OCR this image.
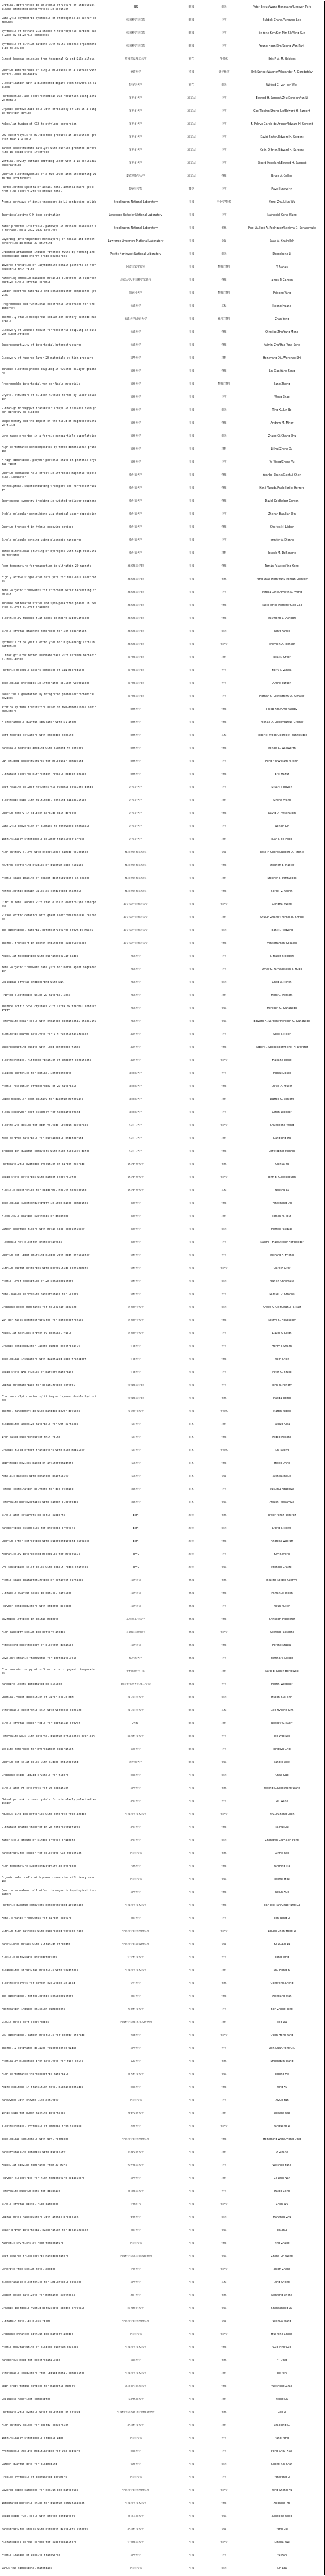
Critical differences in 3D atomic structure of individual ligand-protected nanocrystals in solution	IBS	韩国	纳米	Peter Ercius/Wang Hongyang/Jungwon Park

Catalytic asymmetric synthesis of stereogenic-at-sulfur compounds	韩国科学技术院	韩国	化学	Sukbok Chang/Yungwoo Lee

Synthesis of methane via stable N-heterocyclic carbene catalyzed by silver(I) complexes	韩国科学技术院	韩国	化学	Jin Yong Kim/Kim Min-Sik/Yong Sun

Synthesis of lithium cations with multi-anionic organometallic molecules	韩国科学技术院	韩国	化学	Young-Hoon Kim/Seung-Won Park

Direct-bandgap emission from hexagonal Ge and SiGe alloys	埃因霍温理工大学	荷兰	半导体	Erik P. A. M. Bakkers

Quantum interference of single molecules on a surface with controllable chirality	伦敦大学	英国	量子化学	Erik Scheer/Wagner/Alexander A. Gorodetsky

Classification with a disordered dopant-atom network in silicon	特文特大学	荷兰	纳米	Wilfred G. van der Wiel

Photochemical and electrochemical CO2 reduction using active metals	多伦多大学	加拿大	化学	Edward H. Sargent/Zhu Dongjun/Jun Li

Organic photovoltaic cell with efficiency of 18% in a single junction device	多伦多大学	加拿大	化学	Cao Tiebing/Sheng Jun/Edward H. Sargent

Molecular tuning of CO2-to-ethylene conversion	多伦多大学	加拿大	化学	F. Pelayo García de Arquer/Edward H. Sargent

CO2 electrolysis to multicarbon products at activities greater than 1 A cm-2	多伦多大学	加拿大	化学	David Sinton/Edward H. Sargent

Tandem nanostructure catalyst with sulfide-promoted perovskite in solid-state interface	多伦多大学	加拿大	化学	Colin O'Brien/Edward H. Sargent

Vertical-cavity surface-emitting laser with a 1D colloidal superlattice	多伦多大学	加拿大	化学	Sjoerd Hoogland/Edward H. Sargent

Quantum electrodynamics of a two-level atom interacting with the environment	麦克马斯特大学	加拿大	物理	Bruce A. Collins

Photoelectron spectra of alkali metal-ammonia micro-jets: From blue electrolyte to bronze metal	捷克科学院	捷克	化学	Pavel Jungwirth

Atomic pathways of ionic transport in Li-conducting solids	Brookhaven National Laboratory	美国	电化学/能源	Yimei Zhu/Lijun Wu

Enantioselective C–H bond activation	Lawrence Berkeley National Laboratory	美国	化学	Nathaniel Gene Wang

Water-promoted interfacial pathways in methane oxidation to methanol on a CeO2-Cu2O catalyst	Brookhaven National Laboratory	美国	催化	Ping Liu/José A. Rodriguez/Sanjaya D. Senanayake

Layering (interdependent monolayers) of mosaic and defect generation in metal 2D printing	Lawrence Livermore National Laboratory	美国	金属	Saad A. Khairallah

Oriented attachment induces fivefold twins by forming and decomposing high-energy grain boundaries	Pacific Northwest National Laboratory	美国	纳米	Dongsheng Li

Inverse transition of labyrinthine domain patterns in ferroelectric thin films	阿贡国家实验室	美国	物理/材料	Y. Nahas

Hardening ammonium-balanced metallic electrons in superconductive single-crystal ceramic	北京大学/美国科学家联合	美国	物理	James P. Cahoon

Cation-electron materials and semiconductor composites (review)	伯克利大学	美国	物理/材料	Peidong Yang

Programmable and functional electronic interfaces for the internet	长江大学	美国	工程	Jixiong Huang

Thermally stable mesoporous sodium-ion battery cathode materials	长江大学/北京大学	美国	化学/材料	Zhan Yang

Discovery of unusual robust ferroelectric coupling in bilayer superlattices	长江大学	美国	物理	Qingjiao Zhu/Yang Meng

Superconductivity at interfacial heterostructures	长江大学	美国	物理	Kaimin Zhu/Hao Yang Song

Discovery of hundred-layer 2D materials at high pressure	清华大学	美国	材料	Hongyang Qiu/Wenchao Shi

Tunable electron-phonon coupling in twisted bilayer graphene	加州大学	美国	物理	Lin Xiao/Yang Song

Programmable interfacial van der Waals materials	加州大学	美国	物理/材料	Jiang Zheng

Crystal structure of silicon nitride formed by laser ablation	加州大学	美国	化学	Wang Zhao

Ultrahigh-throughput transistor arrays in flexible film grown directly on silicon	加州大学	美国	纳米	Ting Xu/Lin Bo

Shape memory and the impact on the field of magnetostrictive fluid	加州大学	美国	物理	Andrew M. Minor

Long-range ordering in a ferroic nanoparticle superlattice	加州大学	美国	纳米	Zhang Qi/Chang Shu

High-performance nanocomposites by three-dimensional printing	加州大学	美国	材料	Li Hui/Zheng Xu

A high-dimensional polymer photonic state in photonic crystal fiber	加州大学	美国	化学	Ye Wang/Cheng Yu

Quantum anomalous Hall effect in intrinsic magnetic topological insulator	斯坦福大学	美国	物理	Yuanbo Zhang/Xianhui Chen

Nonreciprocal superconducting transport and ferroelectricity	斯坦福大学	美国	物理	Kenji Yasuda/Pablo Jarillo-Herrero

Spontaneous symmetry breaking in twisted trilayer graphene	斯坦福大学	美国	物理	David Goldhaber-Gordon

Stable molecular nanoribbons via chemical vapor deposition	斯坦福大学	美国	化学	Zhenan Bao/Jian Qin

Quantum transport in hybrid nanowire devices	斯坦福大学	美国	物理	Charles M. Lieber

Single-molecule sensing using plasmonic nanopores	斯坦福大学	美国	化学	Jennifer A. Dionne

Three-dimensional printing of hydrogels with high-resolution features	斯坦福大学	美国	材料	Joseph M. DeSimone

Room-temperature ferromagnetism in ultrathin 2D magnets	麻省理工学院	美国	物理	Tomás Palacios/Jing Kong

Highly active single-atom catalysts for fuel-cell electrodes	麻省理工学院	美国	催化	Yang Shao-Horn/Yuriy Román-Leshkov

Metal–organic frameworks for efficient water harvesting from air	麻省理工学院	美国	化学	Mircea Dincă/Evelyn N. Wang

Tunable correlated states and spin-polarized phases in twisted bilayer-bilayer graphene	麻省理工学院	美国	物理	Pablo Jarillo-Herrero/Yuan Cao

Electrically tunable flat bands in moiré superlattices	麻省理工学院	美国	物理	Raymond C. Ashoori

Single-crystal graphene membranes for ion separation	麻省理工学院	美国	纳米	Rohit Karnik

Synthesis of polymer electrolytes for high-energy lithium batteries	麻省理工学院	美国	电化学	Jeremiah A. Johnson

Ultralight architected nanomaterials with extreme mechanical resilience	加州理工学院	美国	材料	Julia R. Greer

Photonic molecule lasers composed of GaN microdisks	加州理工学院	美国	光学	Kerry J. Vahala

Topological photonics in integrated silicon waveguides	加州理工学院	美国	光学	Andrei Faraon

Solar fuels generation by integrated photoelectrochemical devices	加州理工学院	美国	化学	Nathan S. Lewis/Harry A. Atwater

Atomically thin transistors based on two-dimensional semiconductors	哈佛大学	美国	物理	Philip Kim/Amir Yacoby

A programmable quantum simulator with 51 atoms	哈佛大学	美国	物理	Mikhail D. Lukin/Markus Greiner

Soft robotic actuators with embedded sensing	哈佛大学	美国	工程	Robert J. Wood/George M. Whitesides

Nanoscale magnetic imaging with diamond NV centers	哈佛大学	美国	物理	Ronald L. Walsworth

DNA origami nanostructures for molecular computing	哈佛大学	美国	化学	Peng Yin/William M. Shih

Ultrafast electron diffraction reveals hidden phases	哈佛大学	美国	物理	Eric Mazur

Self-healing polymer networks via dynamic covalent bonds	芝加哥大学	美国	化学	Stuart J. Rowan

Electronic skin with multimodal sensing capabilities	芝加哥大学	美国	材料	Sihong Wang

Quantum memory in silicon carbide spin defects	芝加哥大学	美国	物理	David D. Awschalom

Catalytic conversion of biomass to renewable chemicals	芝加哥大学	美国	化学	Wenbin Lin

Intrinsically stretchable polymer transistor arrays	芝加哥大学	美国	材料	Juan J. de Pablo

High-entropy alloys with exceptional damage tolerance	橡树岭国家实验室	美国	金属	Easo P. George/Robert O. Ritchie

Neutron scattering studies of quantum spin liquids	橡树岭国家实验室	美国	物理	Stephen E. Nagler

Atomic-scale imaging of dopant distributions in oxides	橡树岭国家实验室	美国	材料	Stephen J. Pennycook

Ferroelectric domain walls as conducting channels	橡树岭国家实验室	美国	物理	Sergei V. Kalinin

Lithium metal anodes with stable solid electrolyte interphase	宾夕法尼亚州立大学	美国	电化学	Donghai Wang

Piezoelectric ceramics with giant electromechanical response	宾夕法尼亚州立大学	美国	材料	Shujun Zhang/Thomas R. Shrout

Two-dimensional material heterostructures grown by MOCVD	宾夕法尼亚州立大学	美国	纳米	Joan M. Redwing

Thermal transport in phonon-engineered superlattices	宾夕法尼亚州立大学	美国	物理	Venkatraman Gopalan

Molecular recognition with supramolecular cages	西北大学	美国	化学	J. Fraser Stoddart

Metal-organic framework catalysts for nerve agent degradation	西北大学	美国	化学	Omar K. Farha/Joseph T. Hupp

Colloidal crystal engineering with DNA	西北大学	美国	纳米	Chad A. Mirkin

Printed electronics using 2D material inks	西北大学	美国	材料	Mark C. Hersam

Thermoelectric SnSe crystals with ultralow thermal conductivity	西北大学	美国	能源	Mercouri G. Kanatzidis

Perovskite solar cells with enhanced operational stability	西北大学	美国	能源	Edward H. Sargent/Mercouri G. Kanatzidis

Biomimetic enzyme catalysts for C–H functionalization	耶鲁大学	美国	化学	Scott J. Miller

Superconducting qubits with long coherence times	耶鲁大学	美国	物理	Robert J. Schoelkopf/Michel H. Devoret

Electrochemical nitrogen fixation at ambient conditions	耶鲁大学	美国	电化学	Hailiang Wang

Silicon photonics for optical interconnects	康奈尔大学	美国	光学	Michal Lipson

Atomic-resolution ptychography of 2D materials	康奈尔大学	美国	物理	David A. Muller

Oxide molecular beam epitaxy for quantum materials	康奈尔大学	美国	材料	Darrell G. Schlom

Block copolymer self-assembly for nanopatterning	康奈尔大学	美国	化学	Ulrich Wiesner

Electrolyte design for high-voltage lithium batteries	马里兰大学	美国	电化学	Chunsheng Wang

Wood-derived materials for sustainable engineering	马里兰大学	美国	材料	Liangbing Hu

Trapped-ion quantum computers with high-fidelity gates	马里兰大学	美国	物理	Christopher Monroe

Photocatalytic hydrogen evolution on carbon nitride	德克萨斯大学	美国	催化	Guihua Yu

Solid-state batteries with garnet electrolytes	德克萨斯大学	美国	电化学	John B. Goodenough

Flexible electronics for epidermal health monitoring	德克萨斯大学	美国	工程	Nanshu Lu

Topological superconductivity in iron-based compounds	莱斯大学	美国	物理	Pengcheng Dai

Flash Joule heating synthesis of graphene	莱斯大学	美国	材料	James M. Tour

Carbon nanotube fibers with metal-like conductivity	莱斯大学	美国	纳米	Matteo Pasquali

Plasmonic hot-electron photocatalysis	莱斯大学	美国	化学	Naomi J. Halas/Peter Nordlander

Quantum dot light-emitting diodes with high efficiency	剑桥大学	英国	光学	Richard H. Friend

Lithium-sulfur batteries with polysulfide confinement	剑桥大学	英国	电化学	Clare P. Grey

Atomic layer deposition of 2D semiconductors	剑桥大学	英国	纳米	Manish Chhowalla

Metal-halide perovskite nanocrystals for lasers	剑桥大学	英国	光学	Samuel D. Stranks

Graphene-based membranes for molecular sieving	曼彻斯特大学	英国	纳米	Andre K. Geim/Rahul R. Nair

Van der Waals heterostructures for optoelectronics	曼彻斯特大学	英国	物理	Kostya S. Novoselov

Molecular machines driven by chemical fuels	曼彻斯特大学	英国	化学	David A. Leigh

Organic semiconductor lasers pumped electrically	牛津大学	英国	光学	Henry J. Snaith

Topological insulators with quantized spin transport	牛津大学	英国	物理	Yulin Chen

Solid-state NMR studies of battery materials	牛津大学	英国	化学	Peter G. Bruce

Chiral metamaterials for polarization control	帝国理工学院	英国	光学	John B. Pendry

Electrocatalytic water splitting on layered double hydroxides	帝国理工学院	英国	催化	Magda Titirici

Thermal management in wide-bandgap power devices	布里斯托大学	英国	半导体	Martin Kuball

Bioinspired adhesive materials for wet surfaces	东京大学	日本	材料	Takuzo Aida

Iron-based superconductor thin films	东京大学	日本	物理	Hideo Hosono

Organic field-effect transistors with high mobility	东京大学	日本	半导体	Jun Takeya

Spintronic devices based on antiferromagnets	东北大学	日本	物理	Hideo Ohno

Metallic glasses with enhanced plasticity	东北大学	日本	金属	Akihisa Inoue

Porous coordination polymers for gas storage	京都大学	日本	化学	Susumu Kitagawa

Perovskite photovoltaics with carbon electrodes	京都大学	日本	能源	Atsushi Wakamiya

Single-atom catalysts on ceria supports	ETH	瑞士	催化	Javier Pérez-Ramírez

Nanoparticle assemblies for photonic crystals	ETH	瑞士	纳米	David J. Norris

Quantum error correction with superconducting circuits	ETH	瑞士	物理	Andreas Wallraff

Mechanically interlocked molecules for materials	EPFL	瑞士	化学	Kay Severin

Dye-sensitized solar cells with cobalt redox shuttles	EPFL	瑞士	能源	Michael Grätzel

Atomic-scale characterization of catalyst surfaces	马普学会	德国	催化	Beatriz Roldan Cuenya

Ultracold quantum gases in optical lattices	马普学会	德国	物理	Immanuel Bloch

Polymer semiconductors with ordered packing	马普学会	德国	化学	Klaus Müllen

Skyrmion lattices in chiral magnets	慕尼黑工业大学	德国	物理	Christian Pfleiderer

High-capacity sodium-ion battery anodes	亥姆霍兹研究所	德国	电化学	Stefano Passerini

Attosecond spectroscopy of electron dynamics	马普学会	德国	物理	Ferenc Krausz

Covalent organic frameworks for photocatalysis	慕尼黑大学	德国	化学	Bettina V. Lotsch

Electron microscopy of soft matter at cryogenic temperatures	于利希研究中心	德国	材料	Rafal E. Dunin-Borkowski

Nanowire lasers integrated on silicon	德国卡尔斯鲁厄理工学院	德国	光学	Martin Wegener

Chemical vapor deposition of wafer-scale hBN	国立首尔大学	韩国	纳米	Hyeon Suk Shin

Stretchable electronic skin with wireless sensing	国立首尔大学	韩国	工程	Dae-Hyeong Kim

Single-crystal copper foils for epitaxial growth	UNIST	韩国	材料	Rodney S. Ruoff

Perovskite LEDs with external quantum efficiency over 20%	浦项科技大学	韩国	光学	Tae-Woo Lee

Zeolite membranes for hydrocarbon separation	高丽大学	韩国	化学	Jungkyu Choi

Quantum dot solar cells with ligand engineering	成均馆大学	韩国	能源	Sang Il Seok

Graphene oxide liquid crystals for fibers	浙江大学	中国	纳米	Chao Gao

Single-atom Pt catalysts for CO oxidation	清华大学	中国	催化	Yadong Li/Dingsheng Wang

Chiral perovskite nanocrystals for circularly polarized emission	北京大学	中国	光学	Lei Wang

Aqueous zinc-ion batteries with dendrite-free anodes	中国科学技术大学	中国	电化学	Yi Cui/Zheng Chen

Ultrafast charge transfer in 2D heterostructures	北京大学	中国	物理	Kaihui Liu

Wafer-scale growth of single-crystal graphene	北京大学	中国	纳米	Zhongfan Liu/Hailin Peng

Nanostructured copper for selective CO2 reduction	中国科学院	中国	催化	Xinhe Bao

High-temperature superconductivity in hydrides	吉林大学	中国	物理	Yanming Ma

Organic solar cells with power conversion efficiency over 18%	中国科学院	中国	能源	Jianhui Hou

Quantum anomalous Hall effect in magnetic topological insulators	清华大学	中国	物理	Qikun Xue

Photonic quantum computers demonstrating advantage	中国科学技术大学	中国	物理	Jian-Wei Pan/Chao-Yang Lu

Metal-organic frameworks for carbon capture	南京大学	中国	化学	Jian-Rong Li

Lithium-rich cathodes with suppressed voltage fade	中国科学院物理研究所	中国	电化学	Liquan Chen/Hong Li

Nanotwinned metals with ultrahigh strength	中国科学院金属研究所	中国	金属	Ke Lu/Lei Lu

Flexible perovskite photodetectors	华中科技大学	中国	光学	Jiang Tang

Bioinspired structural materials with toughness	中国科学技术大学	中国	材料	Shu-Hong Yu

Electrocatalysts for oxygen evolution in acid	复旦大学	中国	催化	Gengfeng Zheng

Two-dimensional ferroelectric semiconductors	南京大学	中国	物理	Xiangang Wan

Aggregation-induced emission luminogens	香港科技大学	中国	化学	Ben Zhong Tang

Liquid metal soft electronics	中国科学院理化技术研究所	中国	材料	Jing Liu

Low-dimensional carbon materials for energy storage	天津大学	中国	电化学	Quan-Hong Yang

Thermally activated delayed fluorescence OLEDs	清华大学	中国	光学	Lian Duan/Yong Qiu

Atomically dispersed iron catalysts for fuel cells	武汉大学	中国	催化	Shuangyin Wang

High-performance thermoelectric materials	南方科技大学	中国	能源	Jiaqing He

Moiré excitons in transition-metal dichalcogenides	浙江大学	中国	物理	Yang Xu

Nanozymes with enzyme-like activity	中国科学院	中国	化学	Xiyun Yan

Ionic skin for human-machine interfaces	西安交通大学	中国	材料	Zhigang Suo

Electrochemical synthesis of ammonia from nitrate	苏州大学	中国	电化学	Yanguang Li

Topological semimetals with Weyl fermions	中国科学院物理研究所	中国	物理	Hongming Weng/Hong Ding

Nanocrystalline ceramics with ductility	上海交通大学	中国	材料	Di Zhang

Molecular sieving membranes from 2D MOFs	大连理工大学	中国	化学	Weishen Yang

Polymer dielectrics for high-temperature capacitors	清华大学	中国	材料	Ce-Wen Nan

Perovskite quantum dots for displays	南京理工大学	中国	光学	Haibo Zeng

Single-crystal nickel-rich cathodes	宁德时代	中国	电化学	Chen Wu

Chiral metal nanoclusters with atomic precision	安徽大学	中国	纳米	Manzhou Zhu

Solar-driven interfacial evaporation for desalination	南京大学	中国	能源	Jia Zhu

Magnetic skyrmions at room temperature	中国科学院	中国	物理	Ying Zhang

Self-powered triboelectric nanogenerators	中国科学院北京纳米能源所	中国	能源	Zhong Lin Wang

Dendrite-free sodium metal anodes	中南大学	中国	电化学	Zhian Zhang

Biodegradable electronics for implantable devices	清华大学	中国	工程	Xing Sheng

Copper-based catalysts for methanol synthesis	厦门大学	中国	催化	Nanfeng Zheng

Organic-inorganic hybrid perovskite single crystals	陕西师范大学	中国	能源	Shengzhong Liu

Ultrathin metallic glass films	中国科学院物理研究所	中国	金属	Weihua Wang

Graphene-enhanced lithium-ion battery anodes	中国科学院	中国	电化学	Hui-Ming Cheng

Atomic manufacturing of silicon quantum devices	中国科学技术大学	中国	物理	Guo-Ping Guo

Nanoporous gold for electrocatalysis	山东大学	中国	催化	Yi Ding

Stretchable conductors from liquid metal composites	中国科学技术大学	中国	材料	Jie Ren

Spin-orbit torque devices for magnetic memory	北京航空航天大学	中国	物理	Weisheng Zhao

Cellulose nanofiber composites	东北林业大学	中国	材料	Yixing Liu

Photocatalytic overall water splitting on SrTiO3	中国科学院大连化学物理研究所	中国	催化	Can Li

High-entropy oxides for energy conversion	北京科技大学	中国	材料	Zhaoping Lu

Intrinsically stretchable organic LEDs	中国科学院	中国	光学	Yang Yang

Hydrophobic zeolite modification for CO2 capture	浙江大学	中国	化学	Feng-Shou Xiao

Carbon quantum dots for bioimaging	郑州大学	中国	纳米	Chong-Xin Shan

Precise synthesis of conjugated polymers	中国科学院	中国	化学	Yongfang Li

Layered oxide cathodes for sodium-ion batteries	中国科学院物理研究所	中国	电化学	Yong-Sheng Hu

Integrated photonic chips for quantum communication	中国科学技术大学	中国	物理	Xiaosong Ma

Solid oxide fuel cells with proton conductors	南京工业大学	中国	能源	Zongping Shao

Nanostructured steels with strength-ductility synergy	北京科技大学	中国	金属	Yong Liu

Hierarchical porous carbon for supercapacitors	华南理工大学	中国	电化学	Dingcai Wu

Atomic imaging of zeolite frameworks	清华大学	中国	化学	Yu Han

Janus two-dimensional materials	中国科学院	中国	纳米	Jun Lou
